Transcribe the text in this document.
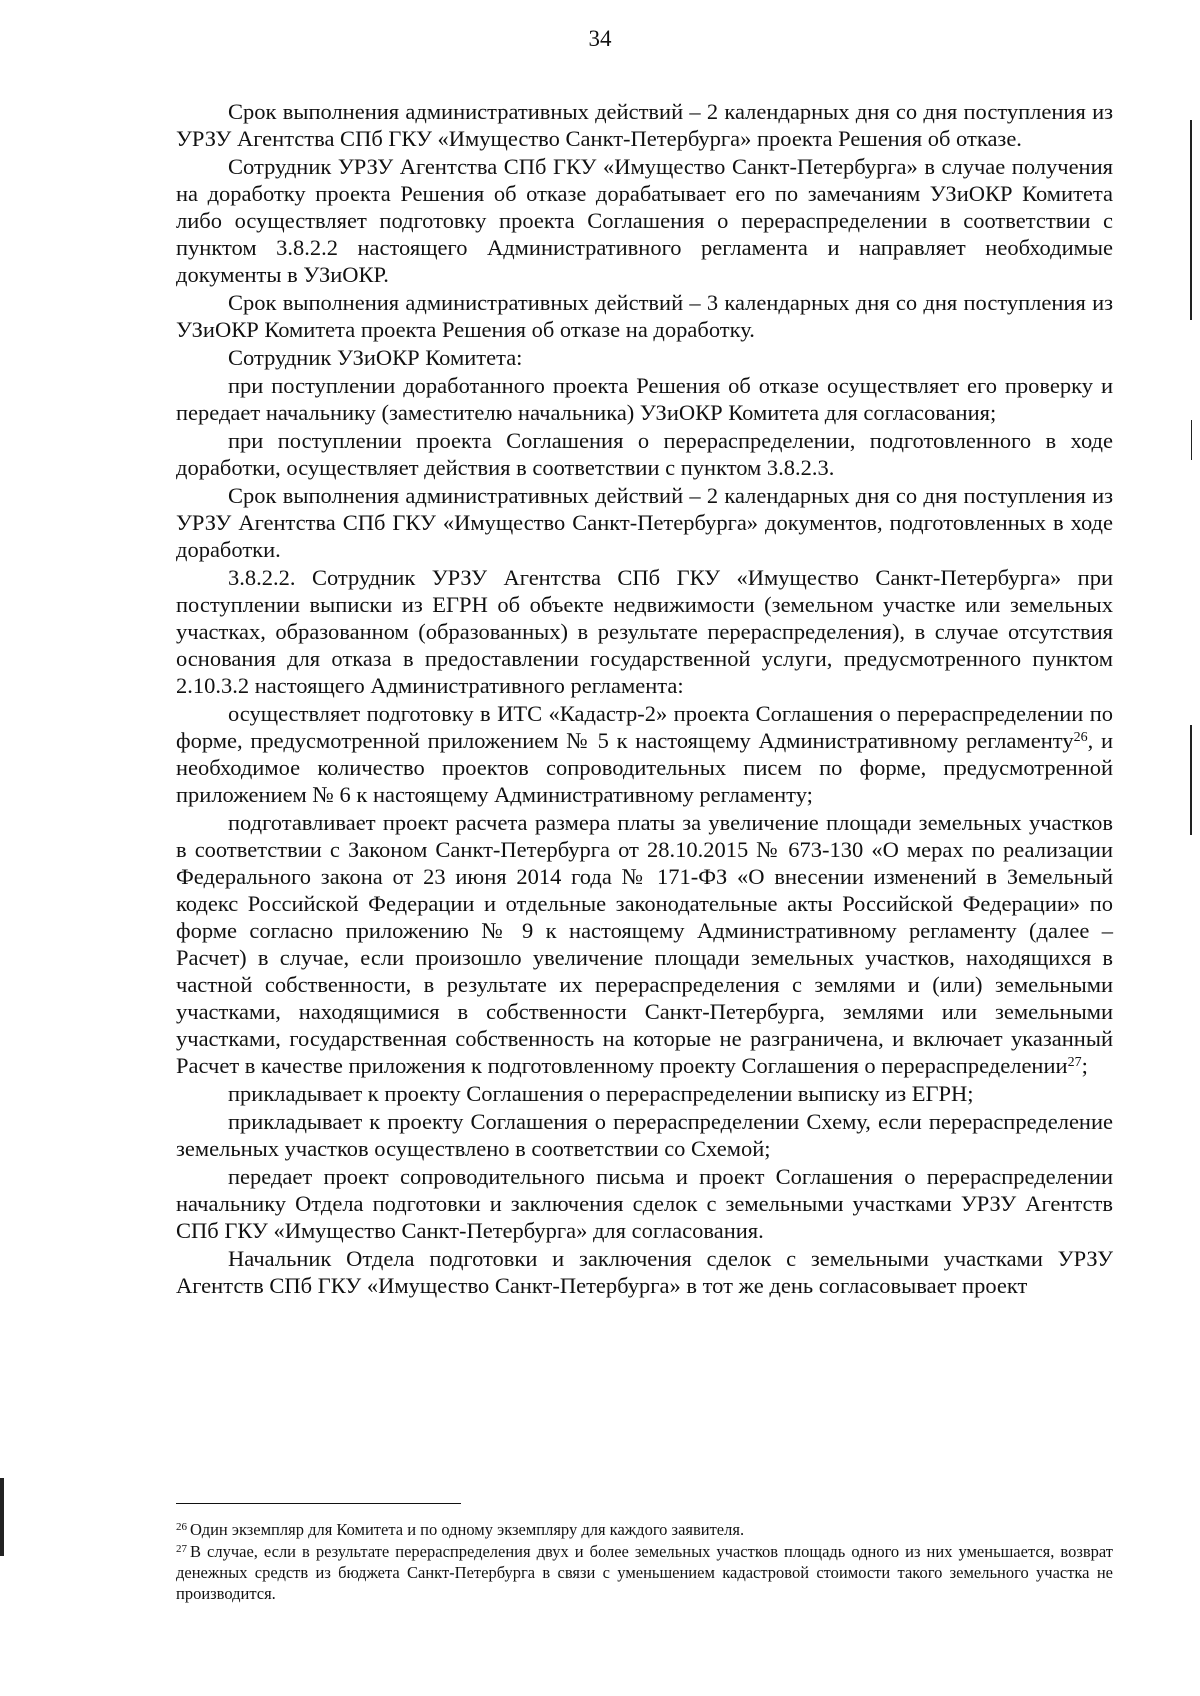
34

Срок выполнения административных действий – 2 календарных дня со дня поступления из УРЗУ Агентства СПб ГКУ «Имущество Санкт-Петербурга» проекта Решения об отказе.

Сотрудник УРЗУ Агентства СПб ГКУ «Имущество Санкт-Петербурга» в случае получения на доработку проекта Решения об отказе дорабатывает его по замечаниям УЗиОКР Комитета либо осуществляет подготовку проекта Соглашения о перераспределении в соответствии с пунктом 3.8.2.2 настоящего Административного регламента и направляет необходимые документы в УЗиОКР.

Срок выполнения административных действий – 3 календарных дня со дня поступления из УЗиОКР Комитета проекта Решения об отказе на доработку.

Сотрудник УЗиОКР Комитета:

при поступлении доработанного проекта Решения об отказе осуществляет его проверку и передает начальнику (заместителю начальника) УЗиОКР Комитета для согласования;

при поступлении проекта Соглашения о перераспределении, подготовленного в ходе доработки, осуществляет действия в соответствии с пунктом 3.8.2.3.

Срок выполнения административных действий – 2 календарных дня со дня поступления из УРЗУ Агентства СПб ГКУ «Имущество Санкт-Петербурга» документов, подготовленных в ходе доработки.

3.8.2.2. Сотрудник УРЗУ Агентства СПб ГКУ «Имущество Санкт-Петербурга» при поступлении выписки из ЕГРН об объекте недвижимости (земельном участке или земельных участках, образованном (образованных) в результате перераспределения), в случае отсутствия основания для отказа в предоставлении государственной услуги, предусмотренного пунктом 2.10.3.2 настоящего Административного регламента:

осуществляет подготовку в ИТС «Кадастр-2» проекта Соглашения о перераспределении по форме, предусмотренной приложением № 5 к настоящему Административному регламенту$^{26}$, и необходимое количество проектов сопроводительных писем по форме, предусмотренной приложением № 6 к настоящему Административному регламенту;

подготавливает проект расчета размера платы за увеличение площади земельных участков в соответствии с Законом Санкт-Петербурга от 28.10.2015 № 673-130 «О мерах по реализации Федерального закона от 23 июня 2014 года № 171-ФЗ «О внесении изменений в Земельный кодекс Российской Федерации и отдельные законодательные акты Российской Федерации» по форме согласно приложению № 9 к настоящему Административному регламенту (далее – Расчет) в случае, если произошло увеличение площади земельных участков, находящихся в частной собственности, в результате их перераспределения с землями и (или) земельными участками, находящимися в собственности Санкт-Петербурга, землями или земельными участками, государственная собственность на которые не разграничена, и включает указанный Расчет в качестве приложения к подготовленному проекту Соглашения о перераспределении$^{27}$;

прикладывает к проекту Соглашения о перераспределении выписку из ЕГРН;

прикладывает к проекту Соглашения о перераспределении Схему, если перераспределение земельных участков осуществлено в соответствии со Схемой;

передает проект сопроводительного письма и проект Соглашения о перераспределении начальнику Отдела подготовки и заключения сделок с земельными участками УРЗУ Агентств СПб ГКУ «Имущество Санкт-Петербурга» для согласования.

Начальник Отдела подготовки и заключения сделок с земельными участками УРЗУ Агентств СПб ГКУ «Имущество Санкт-Петербурга» в тот же день согласовывает проект

$^{26}$ Один экземпляр для Комитета и по одному экземпляру для каждого заявителя.

$^{27}$ В случае, если в результате перераспределения двух и более земельных участков площадь одного из них уменьшается, возврат денежных средств из бюджета Санкт-Петербурга в связи с уменьшением кадастровой стоимости такого земельного участка не производится.
